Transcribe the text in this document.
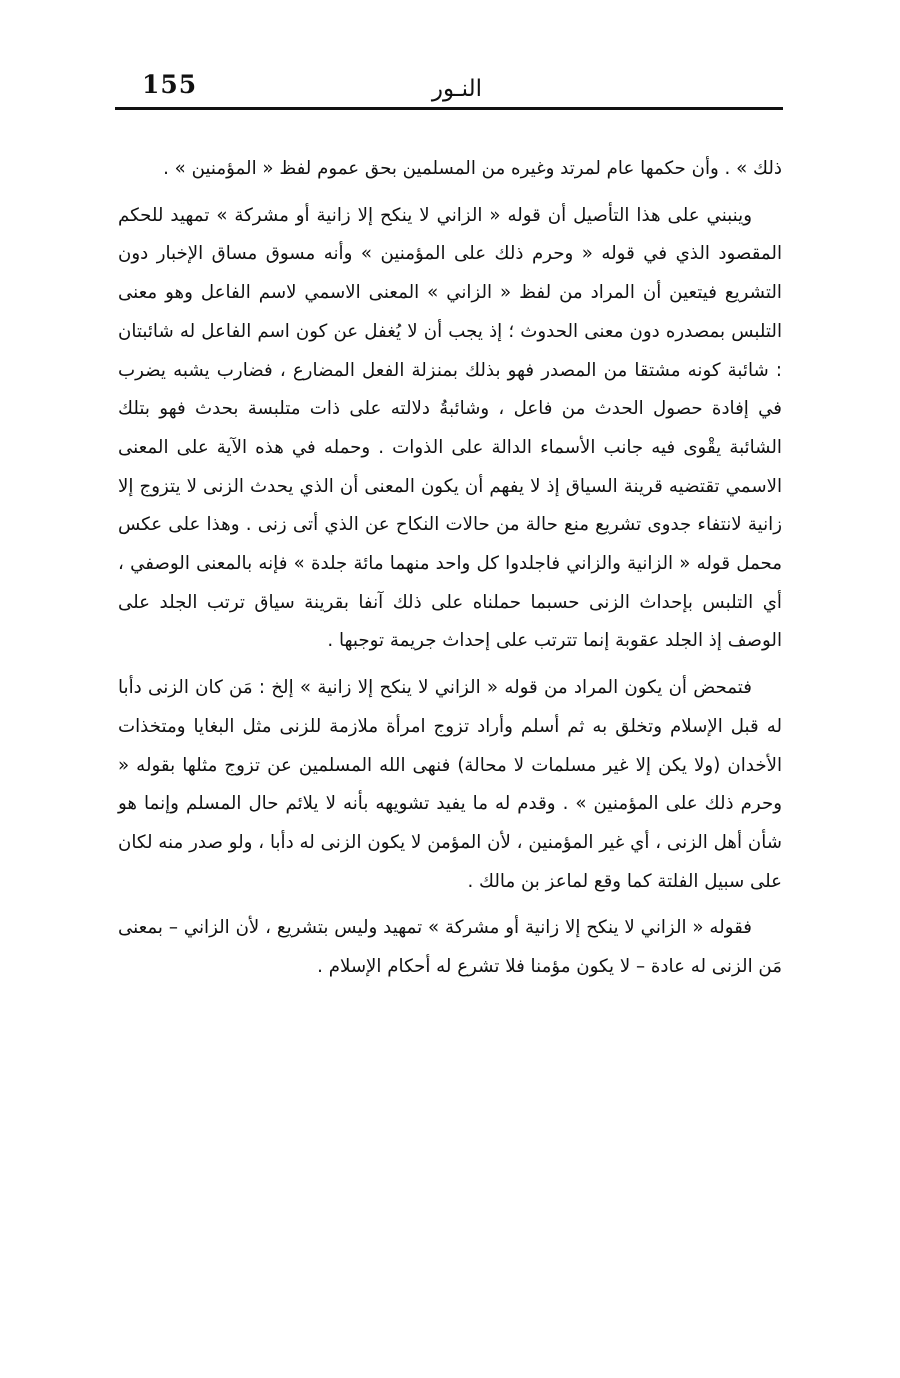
155	النـور

ذلك » . وأن حكمها عام لمرتد وغيره من المسلمين بحق عموم لفظ « المؤمنين » .

وينبني على هذا التأصيل أن قوله « الزاني لا ينكح إلا زانية أو مشركة » تمهيد للحكم المقصود الذي في قوله « وحرم ذلك على المؤمنين » وأنه مسوق مساق الإخبار دون التشريع فيتعين أن المراد من لفظ « الزاني » المعنى الاسمي لاسم الفاعل وهو معنى التلبس بمصدره دون معنى الحدوث ؛ إذ يجب أن لا يُغفل عن كون اسم الفاعل له شائبتان : شائبة كونه مشتقا من المصدر فهو بذلك بمنزلة الفعل المضارع ، فضارب يشبه يضرب في إفادة حصول الحدث من فاعل ، وشائبةُ دلالته على ذات متلبسة بحدث فهو بتلك الشائبة يقْوى فيه جانب الأسماء الدالة على الذوات . وحمله في هذه الآية على المعنى الاسمي تقتضيه قرينة السياق إذ لا يفهم أن يكون المعنى أن الذي يحدث الزنى لا يتزوج إلا زانية لانتفاء جدوى تشريع منع حالة من حالات النكاح عن الذي أتى زنى . وهذا على عكس محمل قوله « الزانية والزاني فاجلدوا كل واحد منهما مائة جلدة » فإنه بالمعنى الوصفي ، أي التلبس بإحداث الزنى حسبما حملناه على ذلك آنفا بقرينة سياق ترتب الجلد على الوصف إذ الجلد عقوبة إنما تترتب على إحداث جريمة توجبها .

فتمحض أن يكون المراد من قوله « الزاني لا ينكح إلا زانية » إلخ : مَن كان الزنى دأبا له قبل الإسلام وتخلق به ثم أسلم وأراد تزوج امرأة ملازمة للزنى مثل البغايا ومتخذات الأخدان (ولا يكن إلا غير مسلمات لا محالة) فنهى الله المسلمين عن تزوج مثلها بقوله « وحرم ذلك على المؤمنين » . وقدم له ما يفيد تشويهه بأنه لا يلائم حال المسلم وإنما هو شأن أهل الزنى ، أي غير المؤمنين ، لأن المؤمن لا يكون الزنى له دأبا ، ولو صدر منه لكان على سبيل الفلتة كما وقع لماعز بن مالك .

فقوله « الزاني لا ينكح إلا زانية أو مشركة » تمهيد وليس بتشريع ، لأن الزاني – بمعنى مَن الزنى له عادة – لا يكون مؤمنا فلا تشرع له أحكام الإسلام .
